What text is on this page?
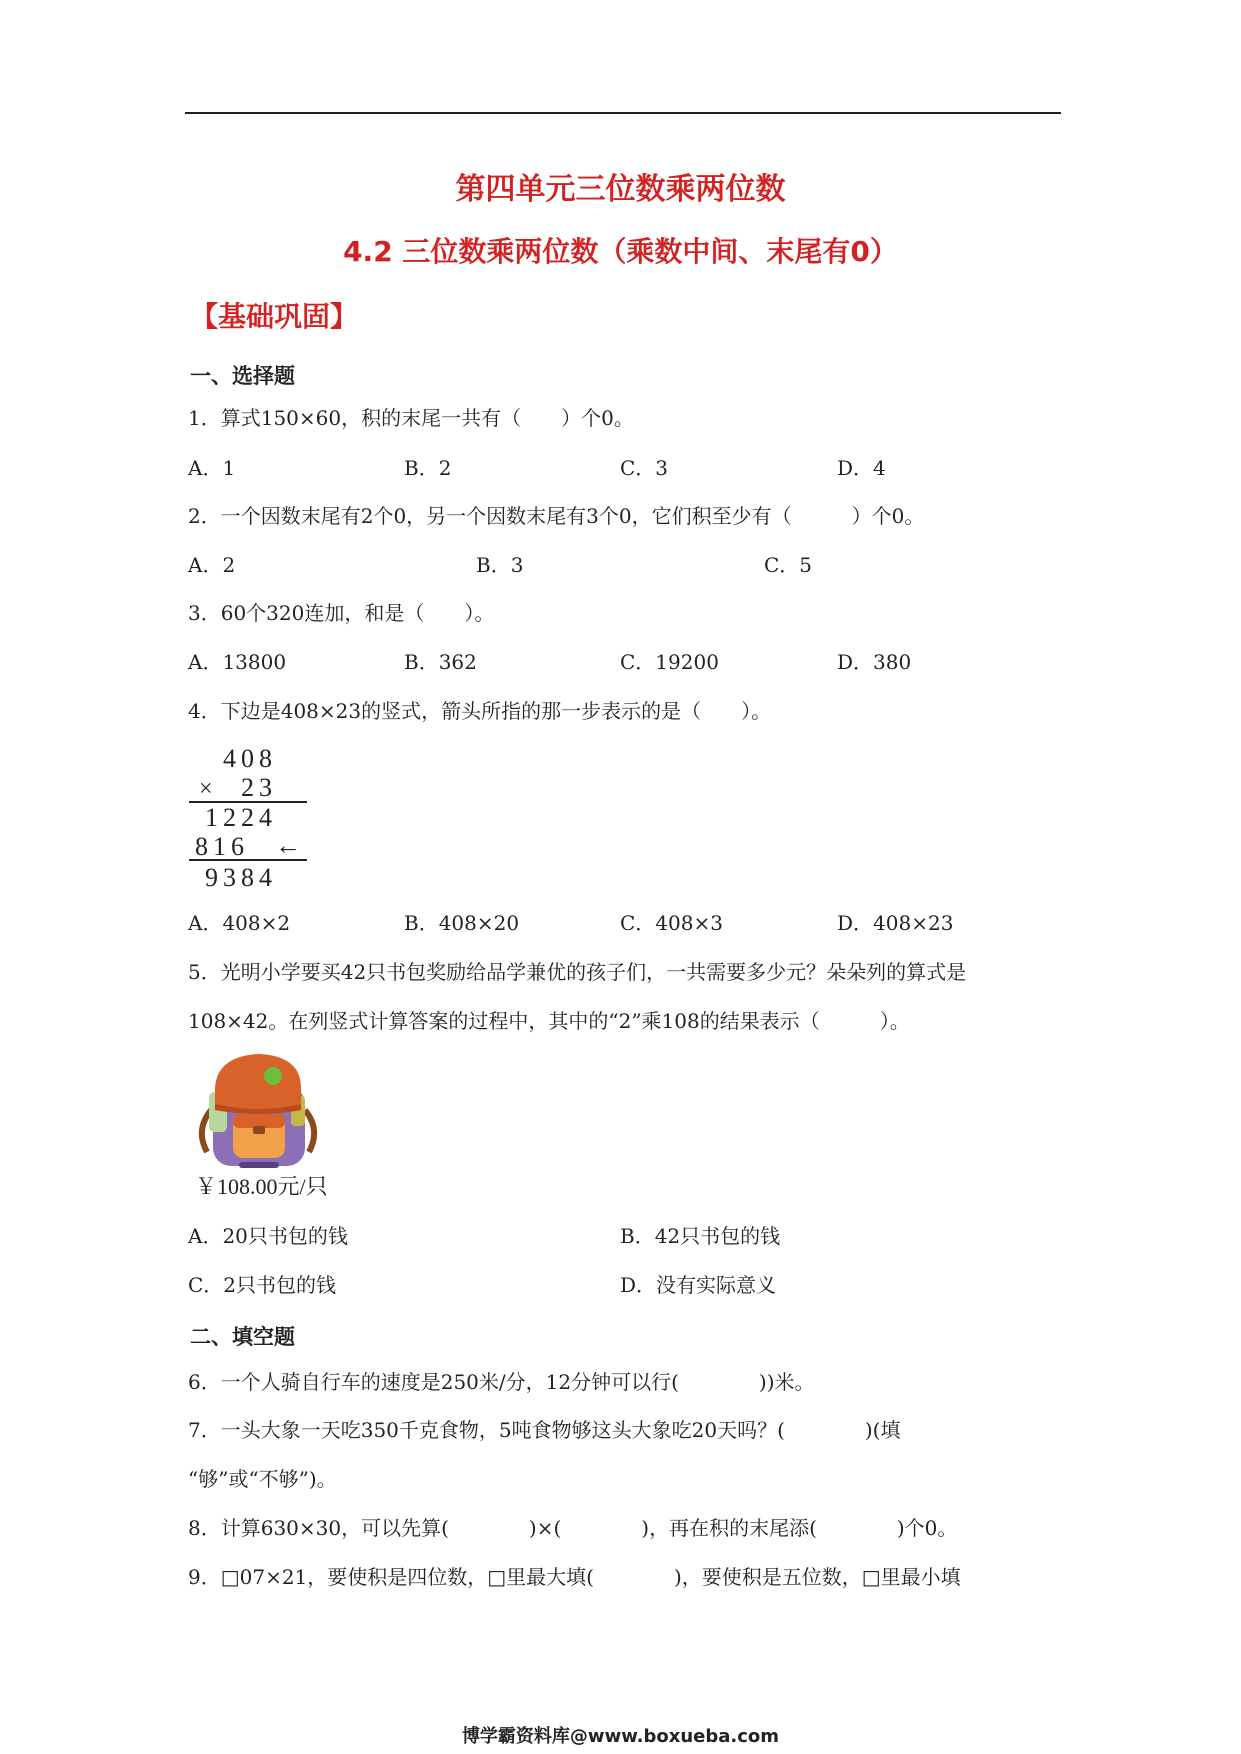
第四单元三位数乘两位数
4.2 三位数乘两位数（乘数中间、末尾有0）
【基础巩固】
一、选择题
1．算式150×60，积的末尾一共有（　　）个0。
A．1	B．2	C．3	D．4
2．一个因数末尾有2个0，另一个因数末尾有3个0，它们积至少有（　　　）个0。
A．2	B．3	C．5
3．60个320连加，和是（　　）。
A．13800	B．362	C．19200	D．380
4．下边是408×23的竖式，箭头所指的那一步表示的是（　　）。
408
× 23
1224
816 ←
9384
A．408×2	B．408×20	C．408×3	D．408×23
5．光明小学要买42只书包奖励给品学兼优的孩子们，一共需要多少元？朵朵列的算式是
108×42。在列竖式计算答案的过程中，其中的“2”乘108的结果表示（　　　）。
￥108.00元/只
A．20只书包的钱	B．42只书包的钱
C．2只书包的钱	D．没有实际意义
二、填空题
6．一个人骑自行车的速度是250米/分，12分钟可以行(　　　　))米。
7．一头大象一天吃350千克食物，5吨食物够这头大象吃20天吗？(　　　　)(填
“够”或“不够”)。
8．计算630×30，可以先算(　　　　)×(　　　　)，再在积的末尾添(　　　　)个0。
9．□07×21，要使积是四位数，□里最大填(　　　　)，要使积是五位数，□里最小填
博学霸资料库@www.boxueba.com
